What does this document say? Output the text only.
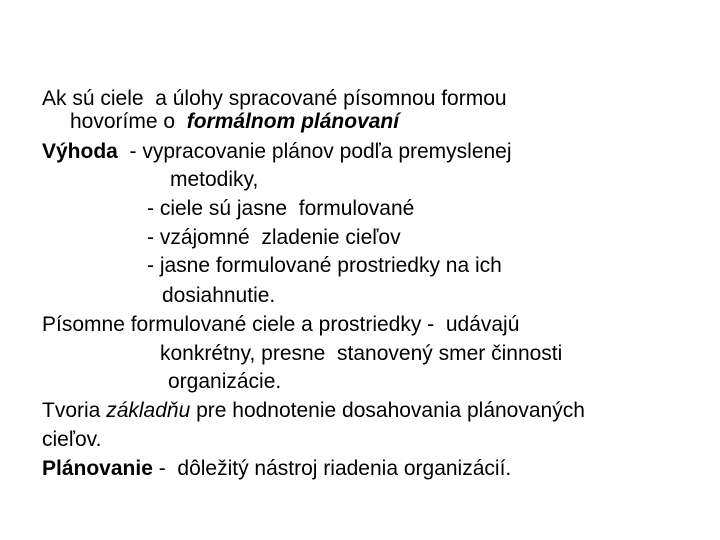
Ak sú ciele  a úlohy spracované písomnou formou
hovoríme o  formálnom plánovaní
Výhoda  - vypracovanie plánov podľa premyslenej
metodiky,
- ciele sú jasne  formulované
- vzájomné  zladenie cieľov
- jasne formulované prostriedky na ich
dosiahnutie.
Písomne formulované ciele a prostriedky -  udávajú
konkrétny, presne  stanovený smer činnosti
organizácie.
Tvoria základňu pre hodnotenie dosahovania plánovaných
cieľov.
Plánovanie -  dôležitý nástroj riadenia organizácií.
